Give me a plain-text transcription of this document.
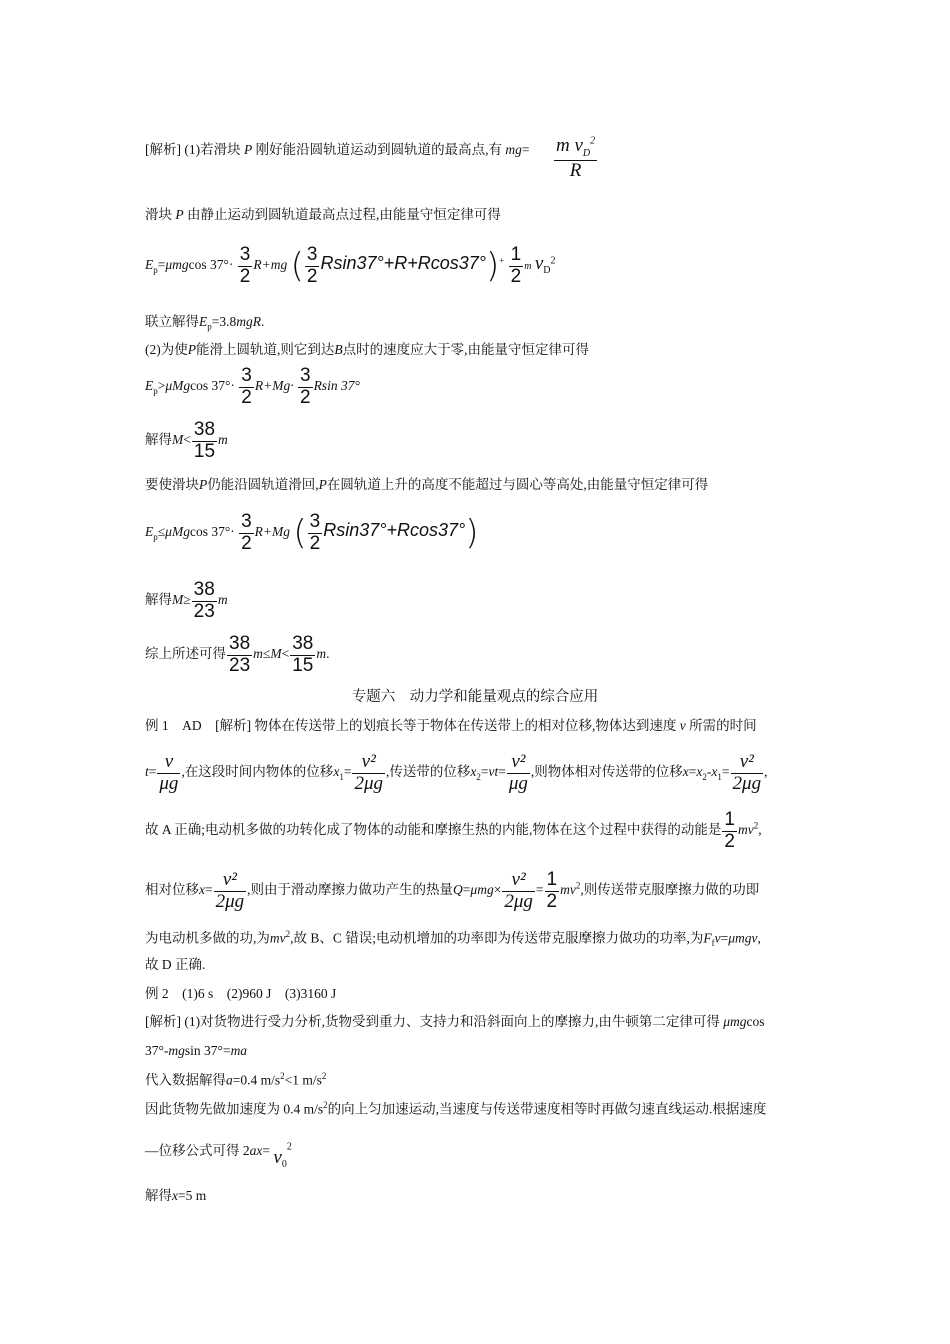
[解析] (1)若滑块 P 刚好能沿圆轨道运动到圆轨道的最高点,有 $mg= \frac{m v_D^2}{R}$
滑块 P 由静止运动到圆轨道最高点过程,由能量守恒定律可得
$E_p=\mu mgcos$ $37^\circ\cdot \frac{3}{2} R+mg$ ( $\frac{3}{2} Rsin37^\circ+R+Rcos37^\circ)^+ \frac{1}{2}$ m $v_D^2$
联立解得$E_p=3.8mgR$.
(2)为使P能滑上圆轨道,则它到达B点时的速度应大于零,由能量守恒定律可得
$E_p>\mu Mgcos$ $37^\circ\cdot \frac{3}{2} R+Mg\cdot \frac{3}{2}$ Rsin 37°
解得$M< \frac{38}{15}$ m
要使滑块P仍能沿圆轨道滑回,P在圆轨道上升的高度不能超过与圆心等高处,由能量守恒定律可得
$E_p\le\mu Mgcos$ $37^\circ\cdot \frac{3}{2} R+Mg$ ( $\frac{3}{2} Rsin37^\circ+Rcos37^\circ$)
解得$M\ge \frac{38}{23}$ m
综上所述可得 $\frac{38}{23} m\le M< \frac{38}{15} m$.
专题六　动力学和能量观点的综合应用
例 1　AD　[解析] 物体在传送带上的划痕长等于物体在传送带上的相对位移,物体达到速度 v 所需的时间
$t= \frac{v}{\mu g}$ ,在这段时间内物体的位移$x_1= \frac{\text{v²}}{2\mu g}$ ,传送带的位移$x_2=vt= \frac{\text{v²}}{\mu g}$ ,则物体相对传送带的位移$x=x_2-x_1= \frac{\text{v²}}{2\mu g}$ ,
故 A 正确;电动机多做的功转化成了物体的动能和摩擦生热的内能,物体在这个过程中获得的动能是 $\frac{1}{2} mv^2$,
相对位移$x= \frac{\text{v²}}{2\mu g}$ ,则由于滑动摩擦力做功产生的热量$Q=\mu mg\times \frac{\text{v²}}{2\mu g} = \frac{1}{2} mv^2$,则传送带克服摩擦力做的功即
为电动机多做的功,为$mv^2$,故 B、C 错误;电动机增加的功率即为传送带克服摩擦力做功的功率,为$F_fv=\mu mgv$,
故 D 正确.
例 2　(1)6 s　(2)960 J　(3)3160 J
[解析] (1)对货物进行受力分析,货物受到重力、支持力和沿斜面向上的摩擦力,由牛顿第二定律可得 μmgcos
37°-mgsin 37°=ma
代入数据解得a=0.4 $m/s^2<1$ $m/s^2$
因此货物先做加速度为 0.4 $m/s^2$的向上匀加速运动,当速度与传送带速度相等时再做匀速直线运动.根据速度
—位移公式可得 $2ax= v_0^2$
解得x=5 m
